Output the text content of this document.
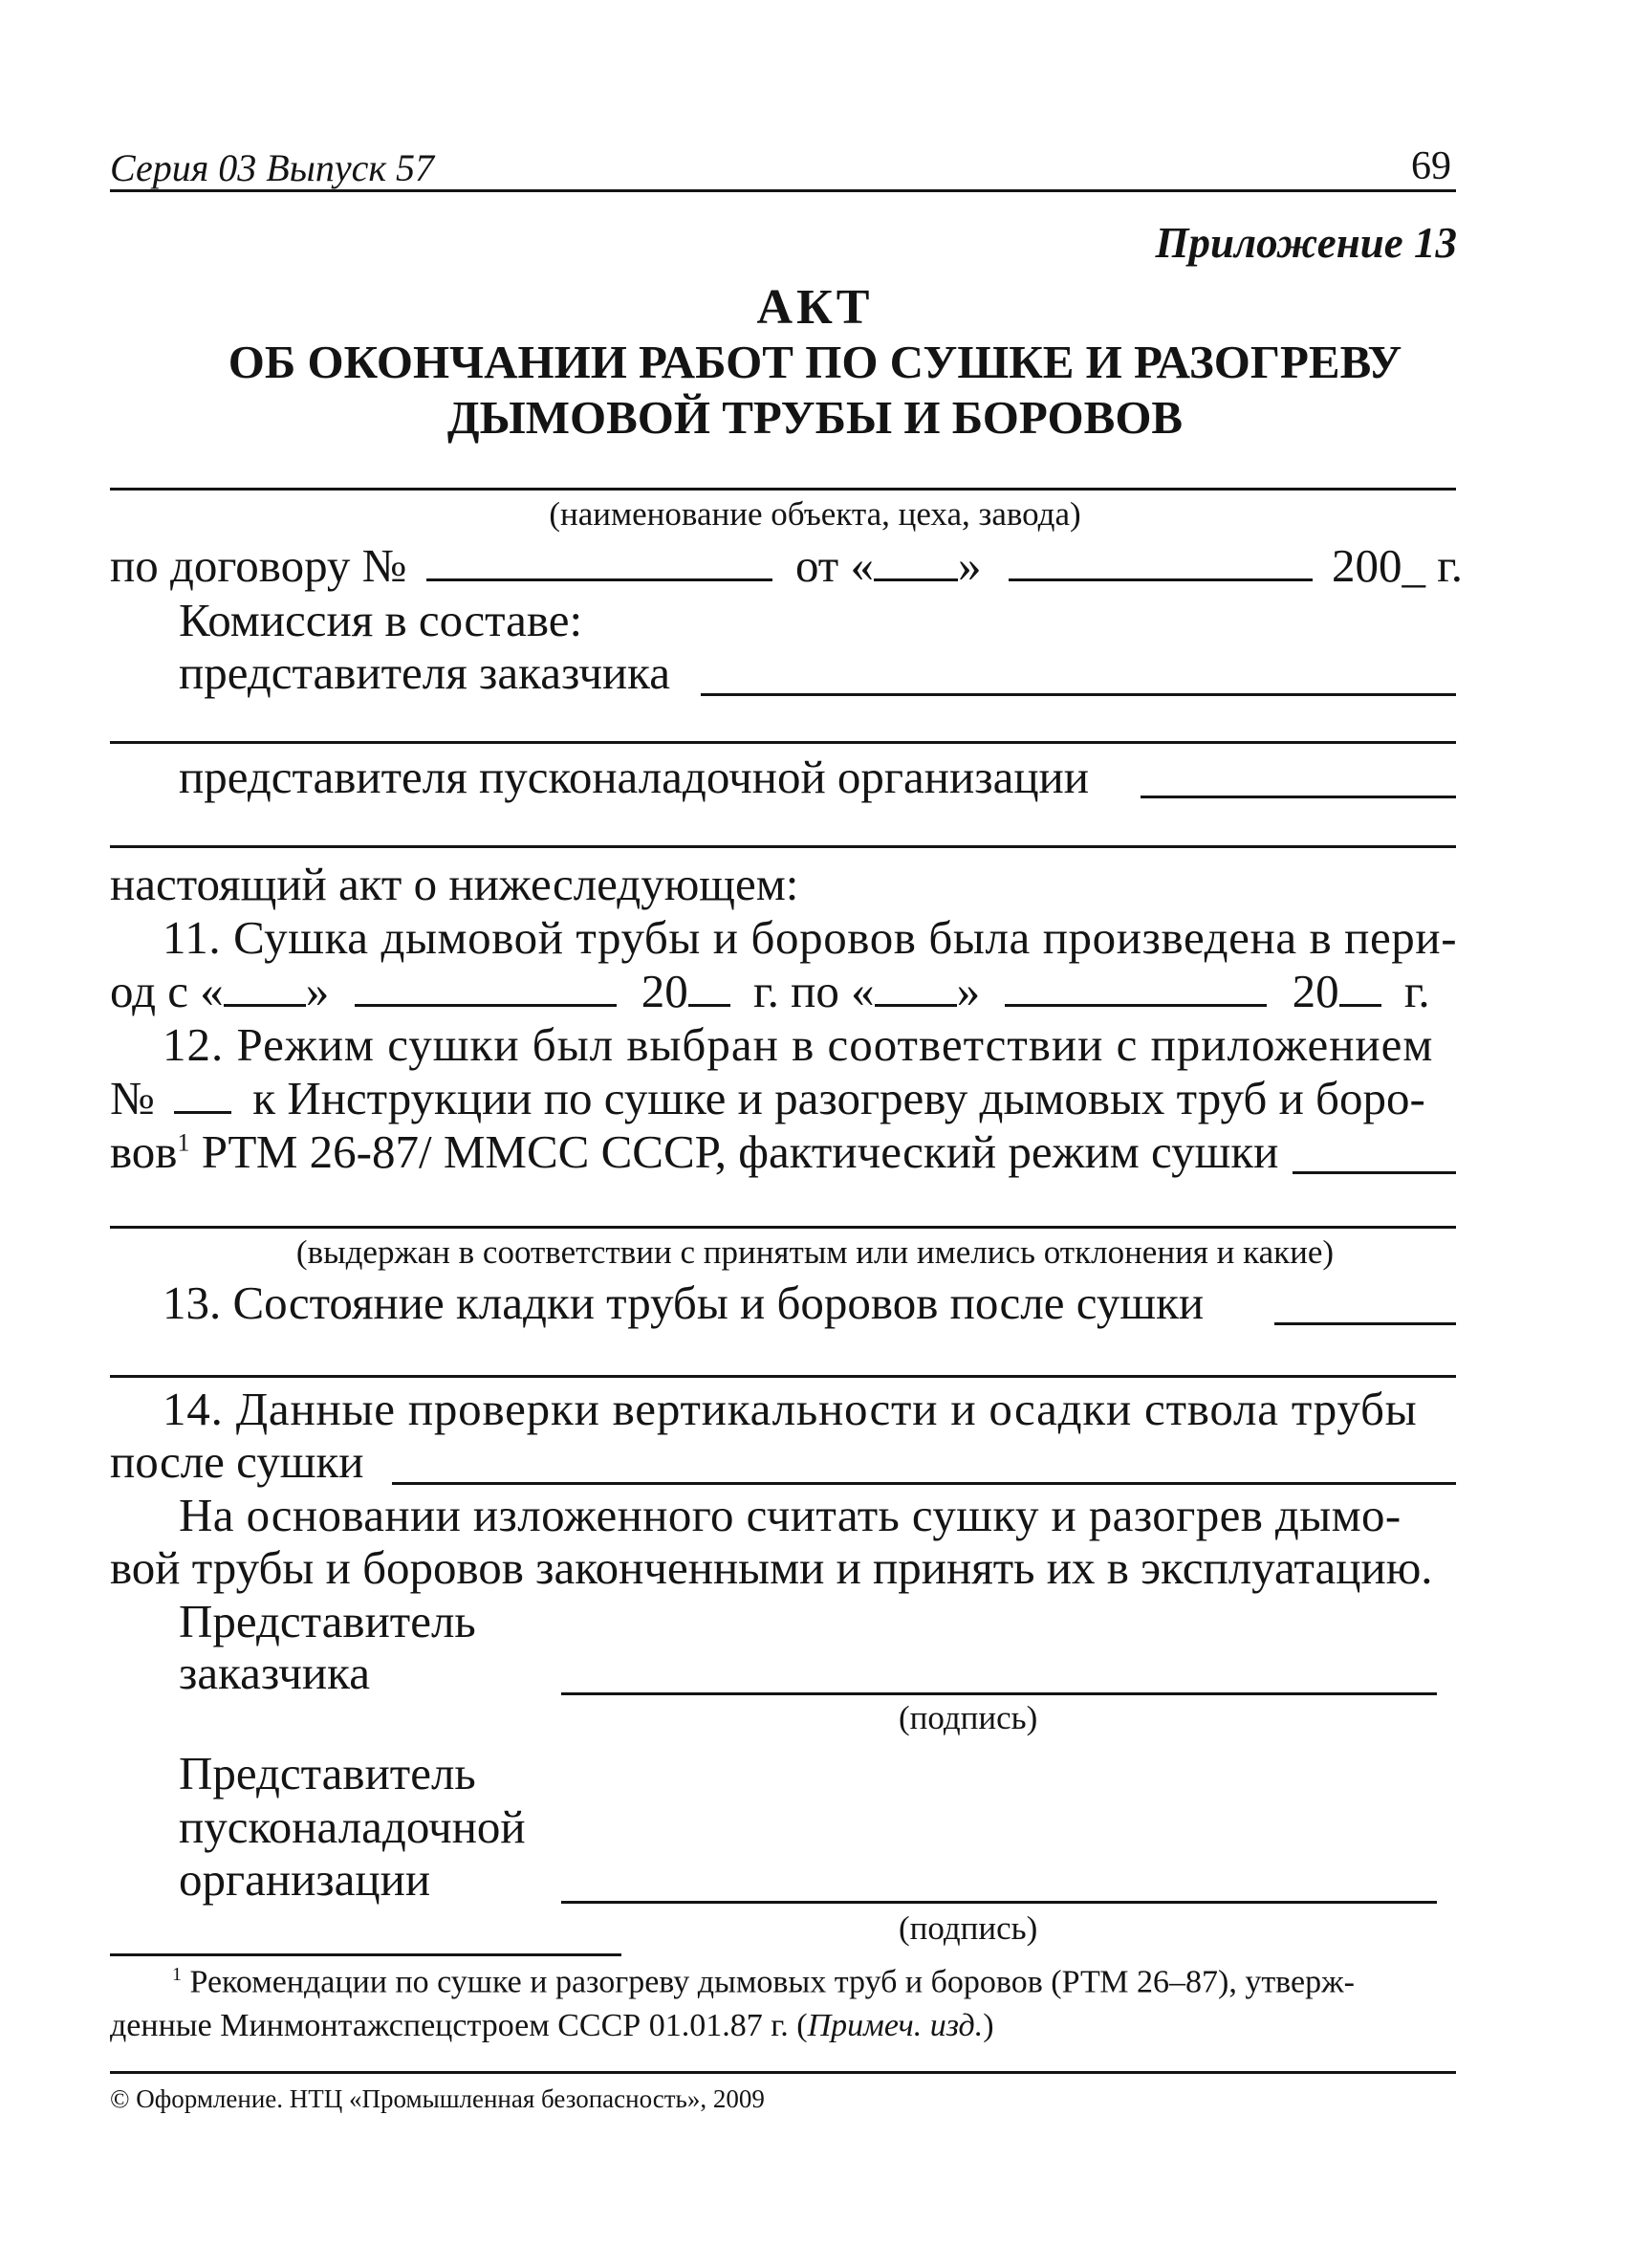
Серия 03 Выпуск 57	69
Приложение 13
АКТ
ОБ ОКОНЧАНИИ РАБОТ ПО СУШКЕ И РАЗОГРЕВУ
ДЫМОВОЙ ТРУБЫ И БОРОВОВ
(наименование объекта, цеха, завода)
по договору №	от « »	200_ г.
Комиссия в составе:
представителя заказчика
представителя пусконаладочной организации
настоящий акт о нижеследующем:
11. Сушка дымовой трубы и боровов была произведена в пери-
од с « »	20 г. по « »	20 г.
12. Режим сушки был выбран в соответствии с приложением
№ к Инструкции по сушке и разогреву дымовых труб и боро-
вов$^1$ РТМ 26-87/ ММСС СССР, фактический режим сушки
(выдержан в соответствии с принятым или имелись отклонения и какие)
13. Состояние кладки трубы и боровов после сушки
14. Данные проверки вертикальности и осадки ствола трубы
после сушки
На основании изложенного считать сушку и разогрев дымо-
вой трубы и боровов законченными и принять их в эксплуатацию.
Представитель
заказчика
(подпись)
Представитель
пусконаладочной
организации
(подпись)
$^1$ Рекомендации по сушке и разогреву дымовых труб и боровов (РТМ 26–87), утверж-
денные Минмонтажспецстроем СССР 01.01.87 г. (Примеч. изд.)
© Оформление. НТЦ «Промышленная безопасность», 2009
